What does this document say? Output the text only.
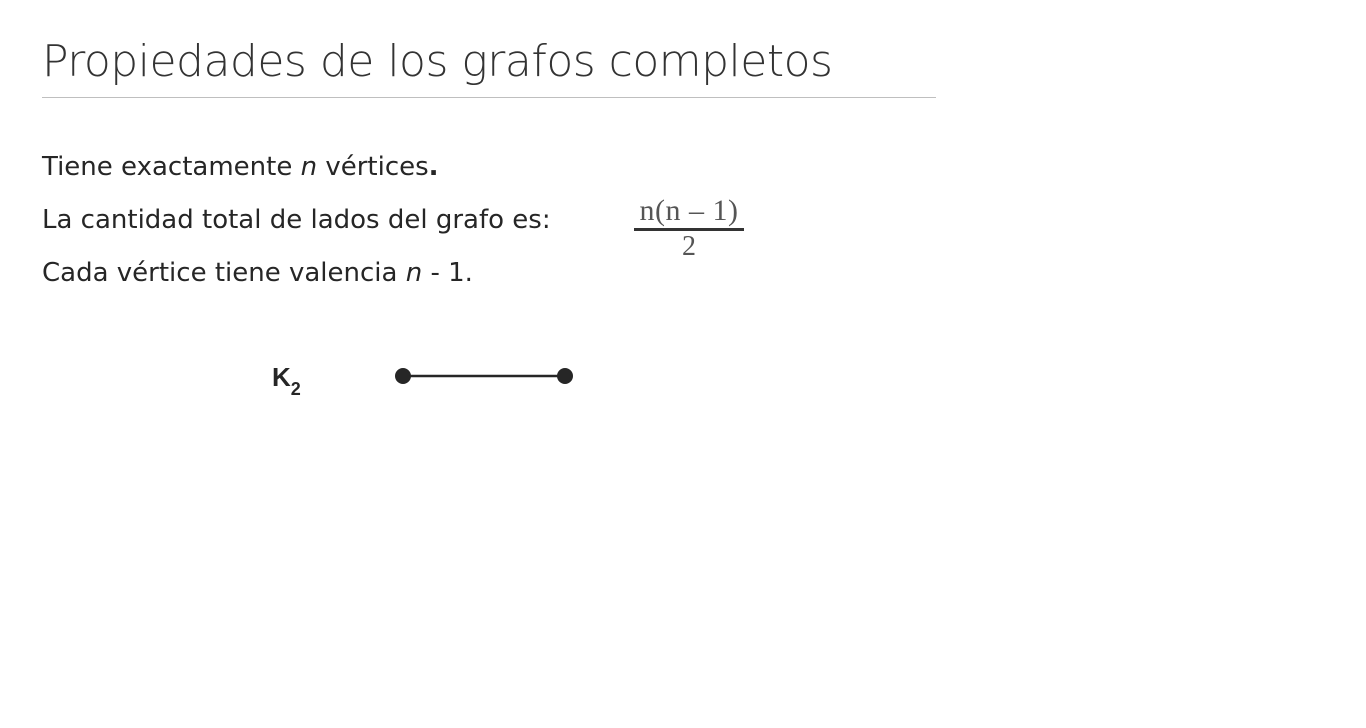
Propiedades de los grafos completos
Tiene exactamente n vértices.
La cantidad total de lados del grafo es:	n(n – 1)
2
Cada vértice tiene valencia n - 1.
$K_2$
